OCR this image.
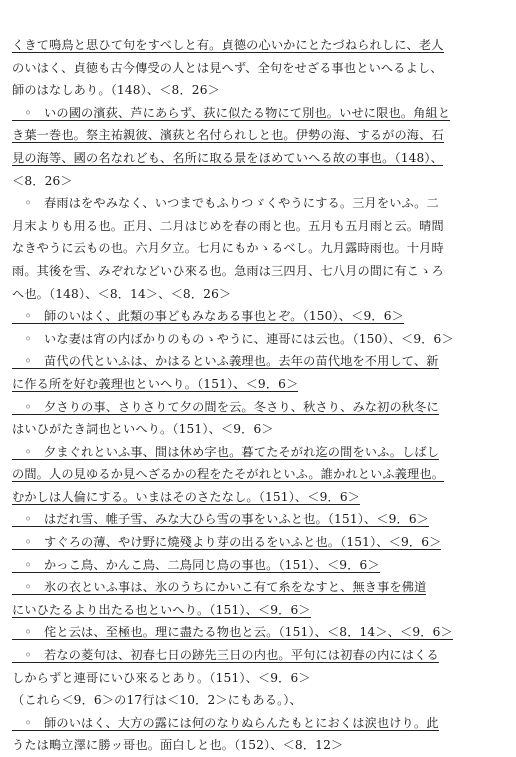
くきて鳴鳥と思ひて句をすべしと有。貞德の心いかにとたづねられしに、老人
のいはく、貞徳も古今傳受の人とは見へず、全句をせざる事也といへるよし、
師のはなしあり。（148）、＜8．26＞
　◦　いの國の濱荻、芦にあらず、荻に似たる物にて別也。いせに限也。角組と
き葉一巻也。祭主祐親彼、濱荻と名付られしと也。伊勢の海、するがの海、石
見の海等、國の名なれども、名所に取る景をほめていへる故の事也。（148）、
＜8．26＞
　◦　春雨はをやみなく、いつまでもふりつゞくやうにする。三月をいふ。二
月末よりも用る也。正月、二月はじめを春の雨と也。五月も五月雨と云。晴間
なきやうに云もの也。六月夕立。七月にもかゝるべし。九月露時雨也。十月時
雨。其後を雪、みぞれなどいひ來る也。急雨は三四月、七八月の間に有こゝろ
へ也。（148）、＜8．14＞、＜8．26＞
　◦　師のいはく、此類の事どもみなある事也とぞ。（150）、＜9．6＞
　◦　いな妻は宵の内ばかりのものゝやうに、連哥には云也。（150）、＜9．6＞
　◦　苗代の代といふは、かはるといふ義理也。去年の苗代地を不用して、新
に作る所を好む義理也といへり。（151）、＜9．6＞
　◦　夕さりの事、さりさりて夕の間を云。冬さり、秋さり、みな初の秋冬に
はいひがたき詞也といへり。（151）、＜9．6＞
　◦　夕まぐれといふ事、間は休め字也。暮てたそがれ迄の間をいふ。しばし
の間。人の見ゆるか見ヘざるかの程をたそがれといふ。誰かれといふ義理也。
むかしは人倫にする。いまはそのさたなし。（151）、＜9．6＞
　◦　はだれ雪、帷子雪、みな大ひら雪の事をいふと也。（151）、＜9．6＞
　◦　すぐろの薄、やけ野に燒殘より芽の出るをいふと也。（151）、＜9．6＞
　◦　かっこ鳥、かんこ鳥、二鳥同じ鳥の事也。（151）、＜9．6＞
　◦　氷の衣といふ事は、氷のうちにかいこ有て糸をなすと、無き事を佛道
にいひたるより出たる也といへり。（151）、＜9．6＞
　◦　侘と云は、至極也。理に盡たる物也と云。（151）、＜8．14＞、＜9．6＞
　◦　若なの菱句は、初春七日の跡先三日の内也。平句には初春の内にはくる
しからずと連哥にいひ來るとあり。（151）、＜9．6＞
（これら＜9．6＞の17行は＜10．2＞にもある。）、
　◦　師のいはく、大方の露には何のなりぬらんたもとにおくは涙也けり。此
うたは鴫立澤に勝ッ哥也。面白しと也。（152）、＜8．12＞
